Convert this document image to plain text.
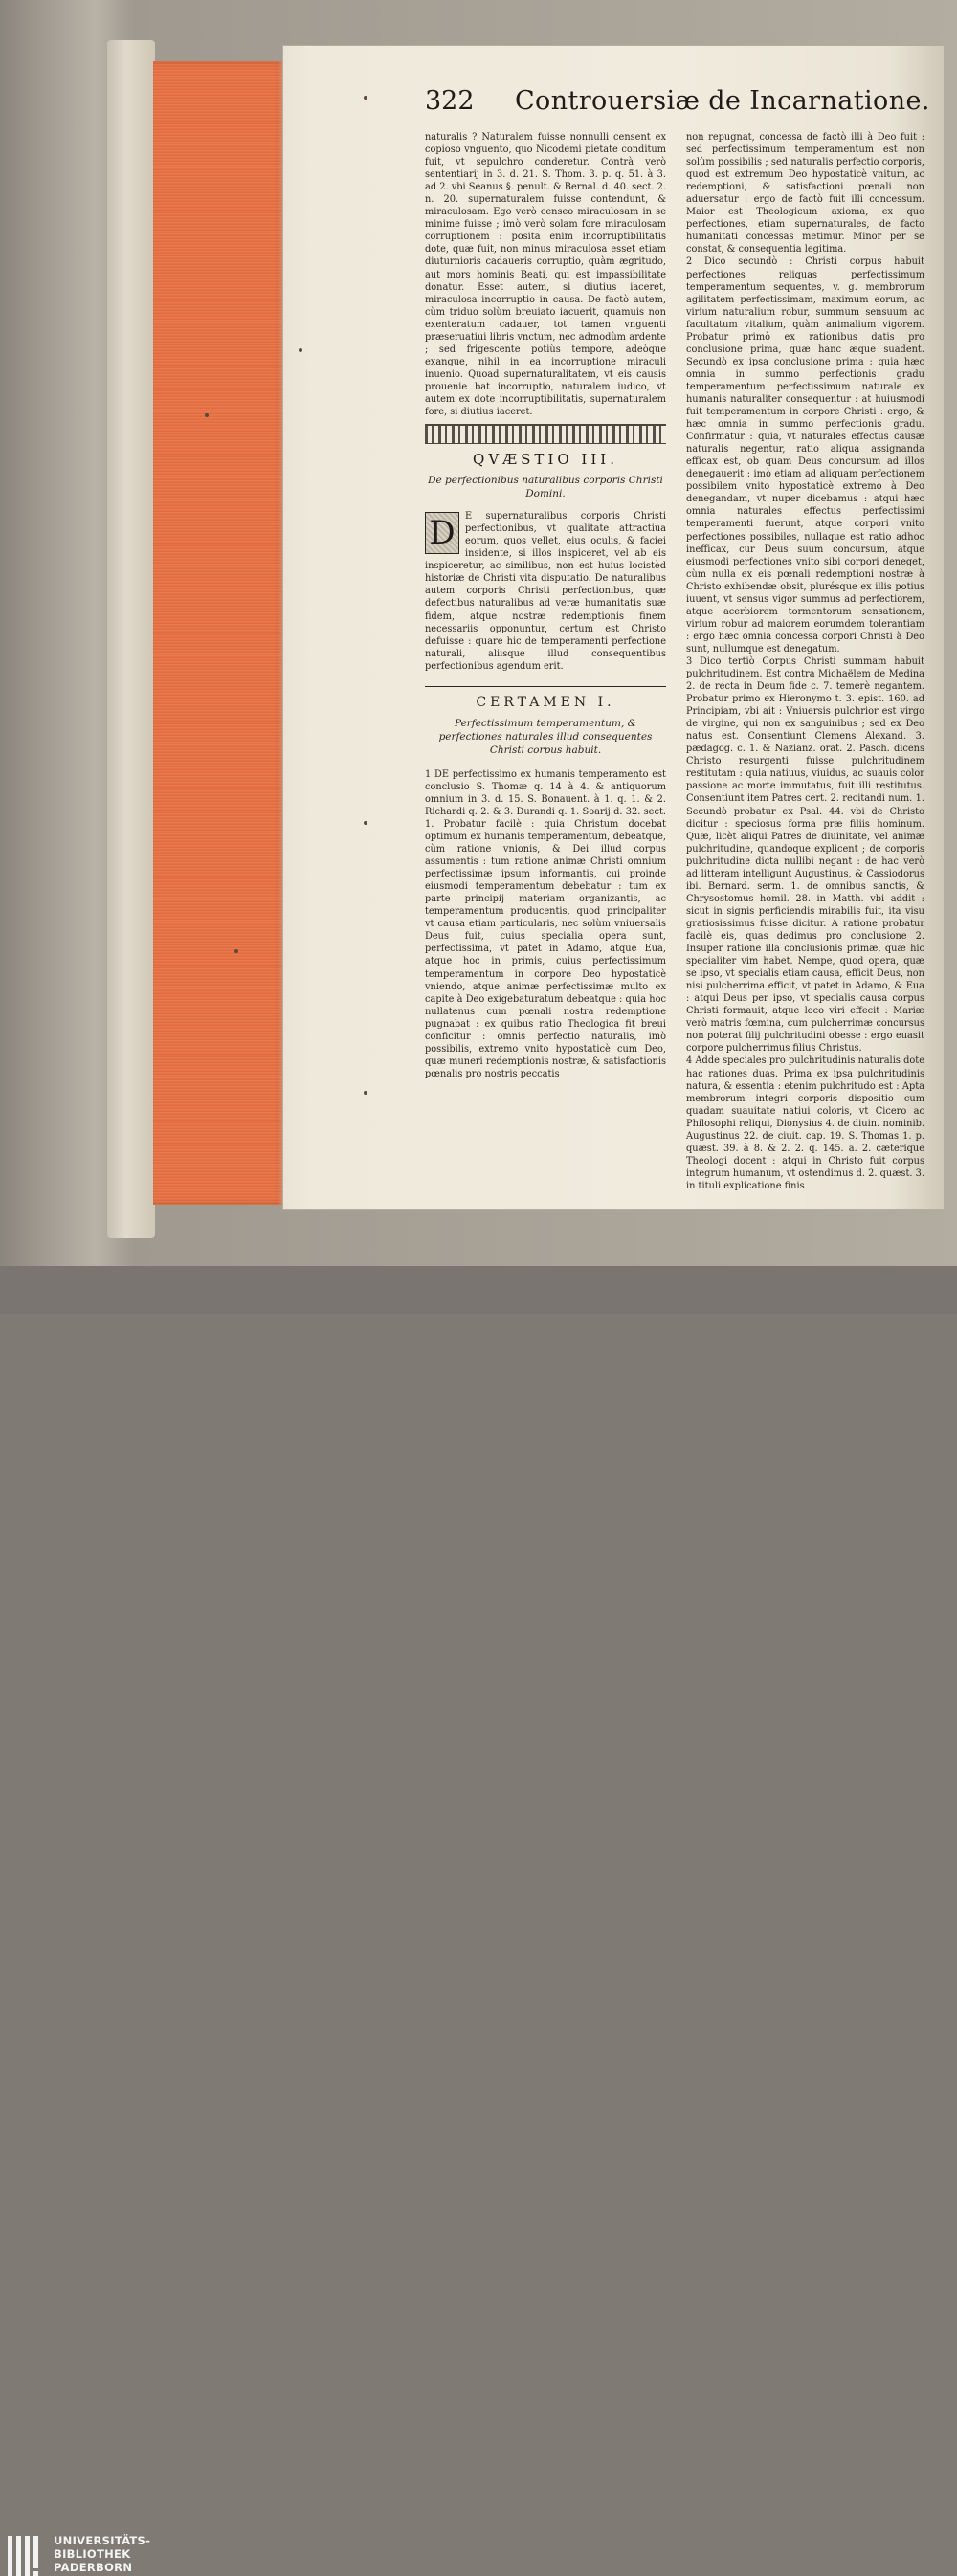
322 Controuersiæ de Incarnatione.

naturalis ? Naturalem fuisse nonnulli censent ex copioso vnguento, quo Nicodemi pietate conditum fuit, vt sepulchro conderetur. Contrà verò sententiarij in 3. d. 21. S. Thom. 3. p. q. 51. à 3. ad 2. vbi Seanus §. penult. & Bernal. d. 40. sect. 2. n. 20. supernaturalem fuisse contendunt, & miraculosam. Ego verò censeo miraculosam in se minime fuisse ; imò verò solam fore miraculosam corruptionem : posita enim incorruptibilitatis dote, quæ fuit, non minus miraculosa esset etiam diuturnioris cadaueris corruptio, quàm ægritudo, aut mors hominis Beati, qui est impassibilitate donatur. Esset autem, si diutius iaceret, miraculosa incorruptio in causa. De factò autem, cùm triduo solùm breuiato iacuerit, quamuis non exenteratum cadauer, tot tamen vnguenti præseruatiui libris vnctum, nec admodùm ardente ; sed frigescente potiùs tempore, adeòque exangue, nihil in ea incorruptione miraculi inuenio. Quoad supernaturalitatem, vt eis causis prouenie bat incorruptio, naturalem iudico, vt autem ex dote incorruptibilitatis, supernaturalem fore, si diutius iaceret.

QVÆSTIO III.
De perfectionibus naturalibus corporis Christi Domini.

D	E supernaturalibus corporis Christi perfectionibus, vt qualitate attractiua eorum, quos vellet, eius oculis, & faciei insidente, si illos inspiceret, vel ab eis inspiceretur, ac similibus, non est huius locistèd historiæ de Christi vita disputatio. De naturalibus autem corporis Christi perfectionibus, quæ defectibus naturalibus ad veræ humanitatis suæ fidem, atque nostræ redemptionis finem necessariis opponuntur, certum est Christo defuisse : quare hic de temperamenti perfectione naturali, aliisque illud consequentibus perfectionibus agendum erit.

CERTAMEN I.
Perfectissimum temperamentum, & perfectiones naturales illud consequentes Christi corpus habuit.

1 DE perfectissimo ex humanis temperamento est conclusio S. Thomæ q. 14 à 4. & antiquorum omnium in 3. d. 15. S. Bonauent. à 1. q. 1. & 2. Richardi q. 2. & 3. Durandi q. 1. Soarij d. 32. sect. 1. Probatur facilè : quia Christum docebat optimum ex humanis temperamentum, debeatque, cùm ratione vnionis, & Dei illud corpus assumentis : tum ratione animæ Christi omnium perfectissimæ ipsum informantis, cui proinde eiusmodi temperamentum debebatur : tum ex parte principij materiam organizantis, ac temperamentum producentis, quod principaliter vt causa etiam particularis, nec solùm vniuersalis Deus fuit, cuius specialia opera sunt, perfectissima, vt patet in Adamo, atque Eua, atque hoc in primis, cuius perfectissimum temperamentum in corpore Deo hypostaticè vniendo, atque animæ perfectissimæ multo ex capite à Deo exigebaturatum debeatque : quia hoc nullatenus cum pœnali nostra redemptione pugnabat : ex quibus ratio Theologica fit breui conficitur : omnis perfectio naturalis, imò possibilis, extremo vnito hypostaticè cum Deo, quæ muneri redemptionis nostræ, & satisfactionis pœnalis pro nostris peccatis

non repugnat, concessa de factò illi à Deo fuit : sed perfectissimum temperamentum est non solùm possibilis ; sed naturalis perfectio corporis, quod est extremum Deo hypostaticè vnitum, ac redemptioni, & satisfactioni pœnali non aduersatur : ergo de factò fuit illi concessum. Maior est Theologicum axioma, ex quo perfectiones, etiam supernaturales, de facto humanitati concessas metimur. Minor per se constat, & consequentia legitima.

2 Dico secundò : Christi corpus habuit perfectiones reliquas perfectissimum temperamentum sequentes, v. g. membrorum agilitatem perfectissimam, maximum eorum, ac virium naturalium robur, summum sensuum ac facultatum vitalium, quàm animalium vigorem. Probatur primò ex rationibus datis pro conclusione prima, quæ hanc æque suadent. Secundò ex ipsa conclusione prima : quia hæc omnia in summo perfectionis gradu temperamentum perfectissimum naturale ex humanis naturaliter consequentur : at huiusmodi fuit temperamentum in corpore Christi : ergo, & hæc omnia in summo perfectionis gradu. Confirmatur : quia, vt naturales effectus causæ naturalis negentur, ratio aliqua assignanda efficax est, ob quam Deus concursum ad illos denegauerit : imò etiam ad aliquam perfectionem possibilem vnito hypostaticè extremo à Deo denegandam, vt nuper dicebamus : atqui hæc omnia naturales effectus perfectissimi temperamenti fuerunt, atque corpori vnito perfectiones possibiles, nullaque est ratio adhoc inefficax, cur Deus suum concursum, atque eiusmodi perfectiones vnito sibi corpori deneget, cùm nulla ex eis pœnali redemptioni nostræ à Christo exhibendæ obsit, plurésque ex illis potius iuuent, vt sensus vigor summus ad perfectiorem, atque acerbiorem tormentorum sensationem, virium robur ad maiorem eorumdem tolerantiam : ergo hæc omnia concessa corpori Christi à Deo sunt, nullumque est denegatum.

3 Dico tertiò Corpus Christi summam habuit pulchritudinem. Est contra Michaëlem de Medina 2. de recta in Deum fide c. 7. temerè negantem. Probatur primo ex Hieronymo t. 3. epist. 160. ad Principiam, vbi ait : Vniuersis pulchrior est virgo de virgine, qui non ex sanguinibus ; sed ex Deo natus est. Consentiunt Clemens Alexand. 3. pædagog. c. 1. & Nazianz. orat. 2. Pasch. dicens Christo resurgenti fuisse pulchritudinem restitutam : quia natiuus, viuidus, ac suauis color passione ac morte immutatus, fuit illi restitutus. Consentiunt item Patres cert. 2. recitandi num. 1. Secundò probatur ex Psal. 44. vbi de Christo dicitur : speciosus forma præ filiis hominum. Quæ, licèt aliqui Patres de diuinitate, vel animæ pulchritudine, quandoque explicent ; de corporis pulchritudine dicta nullibi negant : de hac verò ad litteram intelligunt Augustinus, & Cassiodorus ibi. Bernard. serm. 1. de omnibus sanctis, & Chrysostomus homil. 28. in Matth. vbi addit : sicut in signis perficiendis mirabilis fuit, ita visu gratiosissimus fuisse dicitur. A ratione probatur facilè eis, quas dedimus pro conclusione 2. Insuper ratione illa conclusionis primæ, quæ hic specialiter vim habet. Nempe, quod opera, quæ se ipso, vt specialis etiam causa, efficit Deus, non nisi pulcherrima efficit, vt patet in Adamo, & Eua : atqui Deus per ipso, vt specialis causa corpus Christi formauit, atque loco viri effecit : Mariæ verò matris fœmina, cum pulcherrimæ concursus non poterat filij pulchritudini obesse : ergo euasit corpore pulcherrimus filius Christus.

4 Adde speciales pro pulchritudinis naturalis dote hac rationes duas. Prima ex ipsa pulchritudinis natura, & essentia : etenim pulchritudo est : Apta membrorum integri corporis dispositio cum quadam suauitate natiui coloris, vt Cicero ac Philosophi reliqui, Dionysius 4. de diuin. nominib. Augustinus 22. de ciuit. cap. 19. S. Thomas 1. p. quæst. 39. à 8. & 2. 2. q. 145. a. 2. cæterique Theologi docent : atqui in Christo fuit corpus integrum humanum, vt ostendimus d. 2. quæst. 3. in tituli explicatione finis

UNIVERSITÄTS-
BIBLIOTHEK
PADERBORN
